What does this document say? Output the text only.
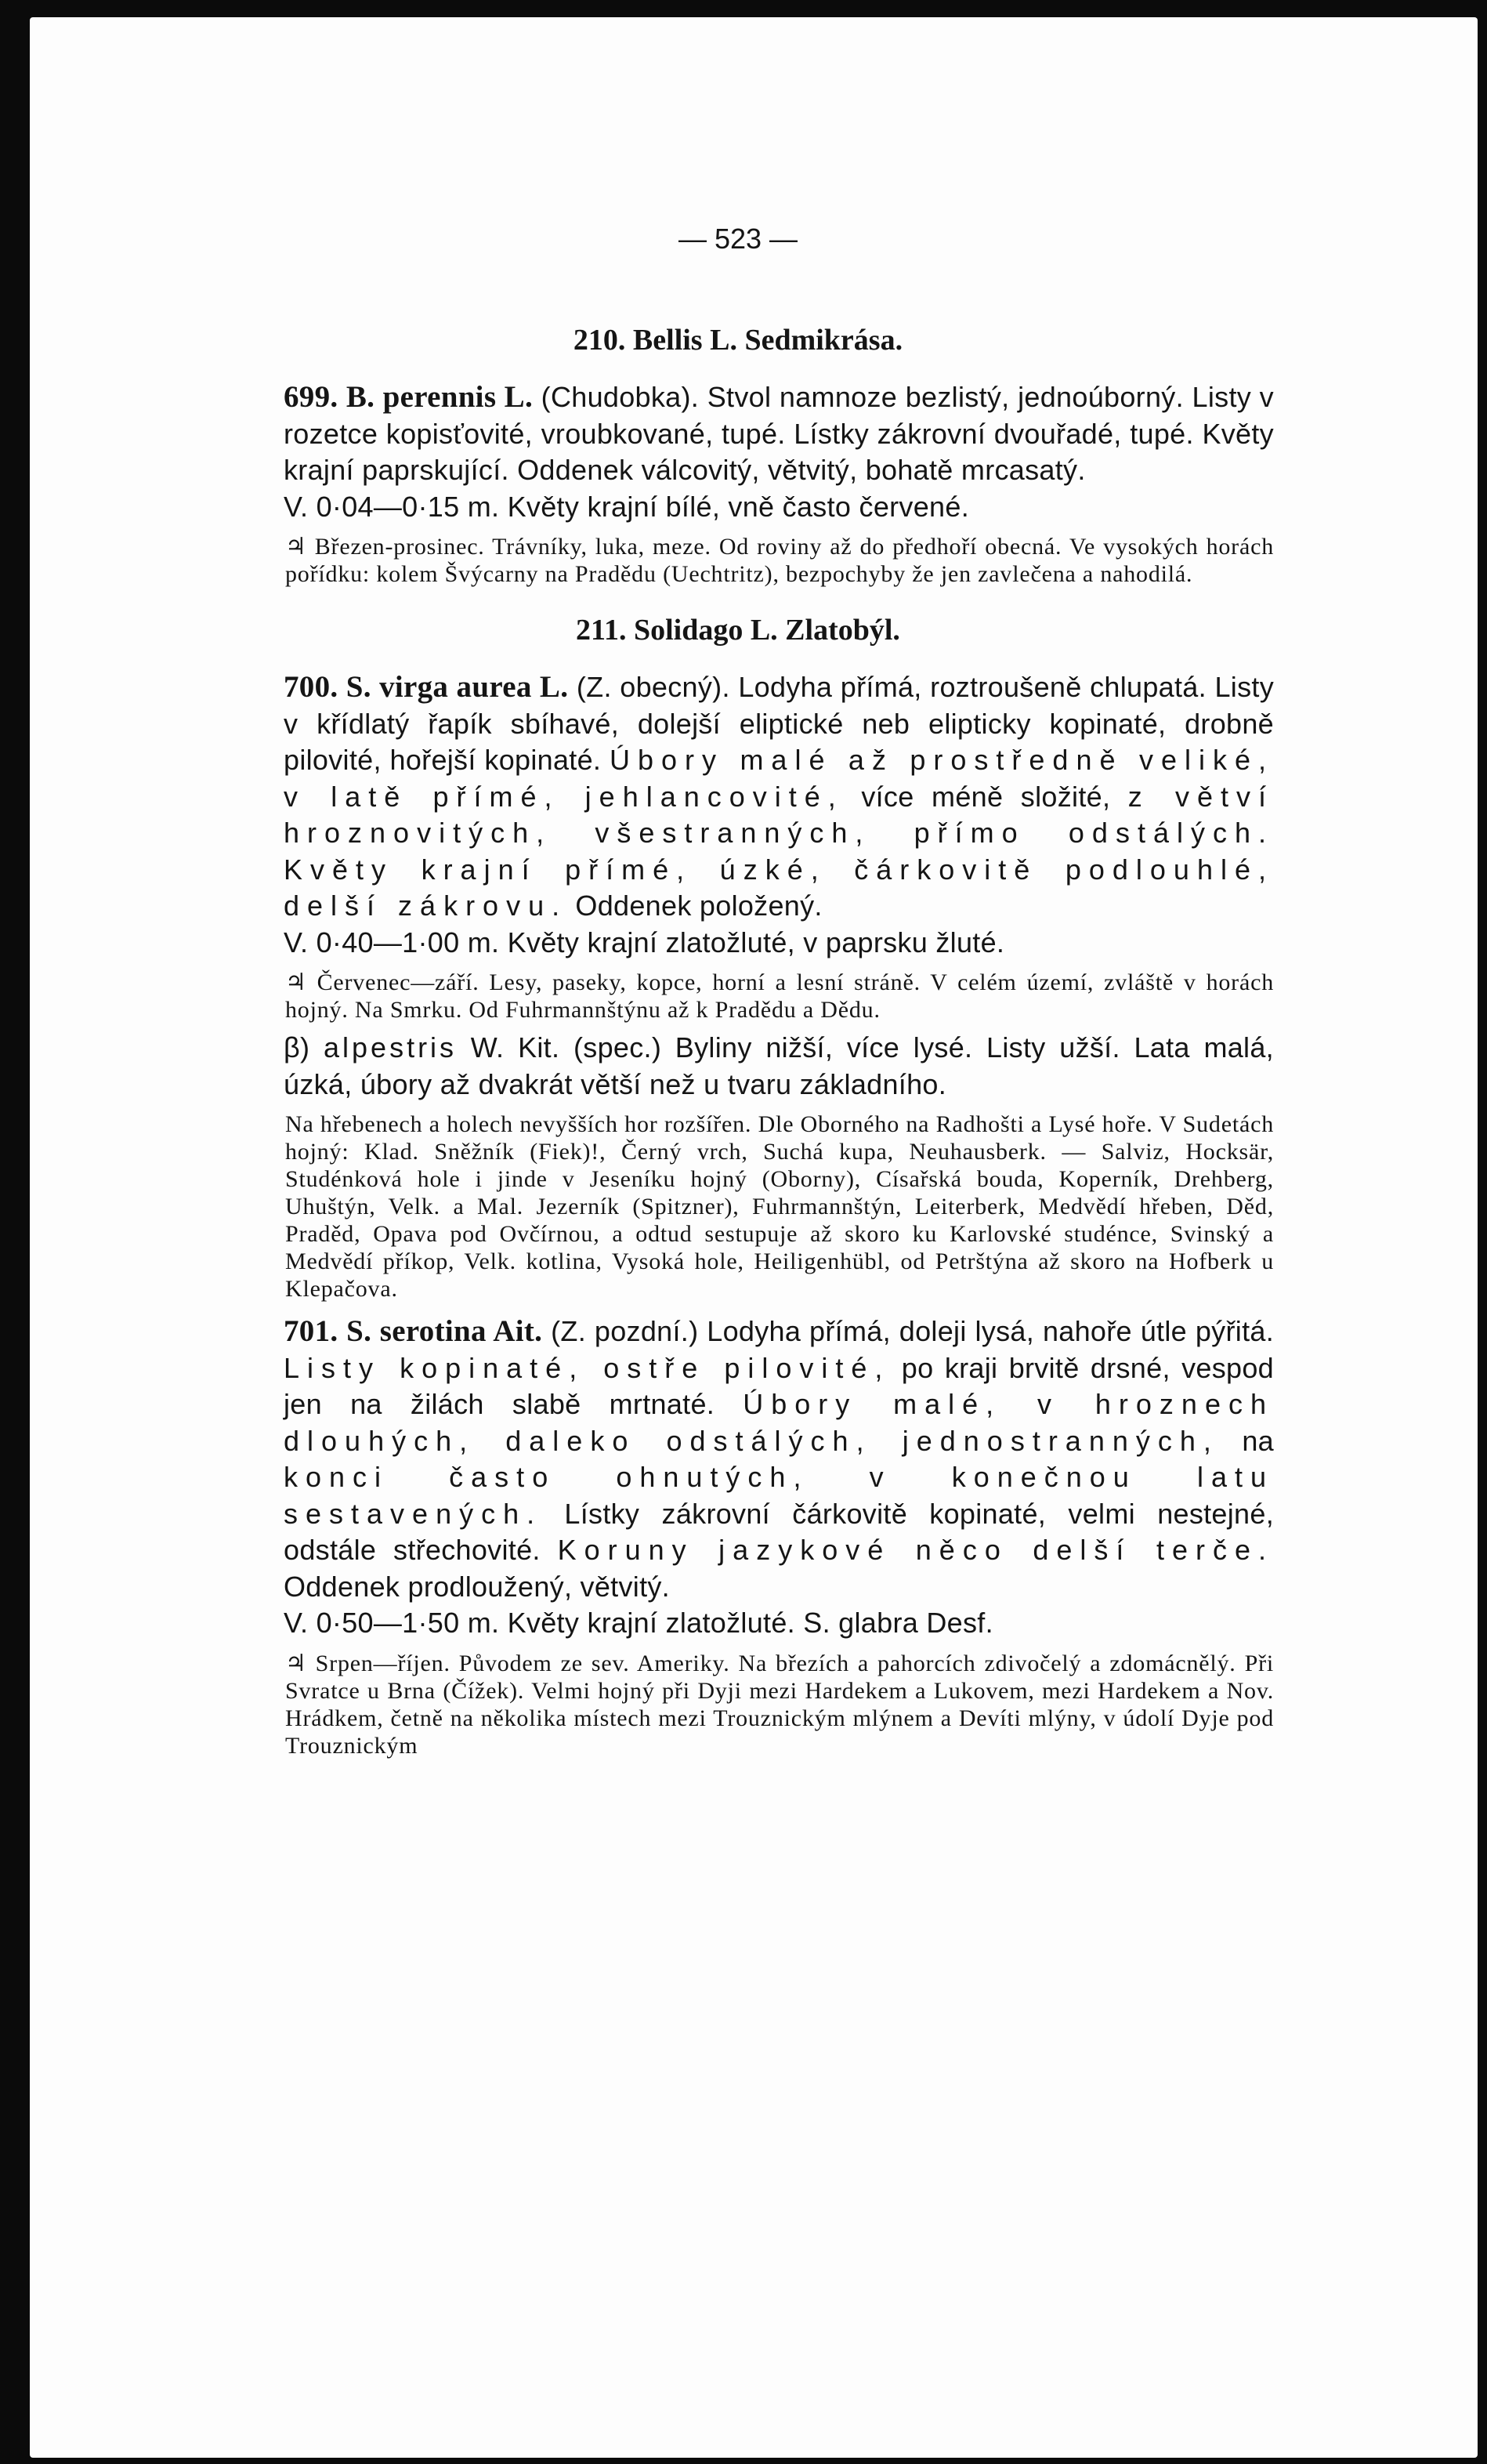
— 523 —
210. Bellis L. Sedmikrása.

699. B. perennis L. (Chudobka). Stvol namnoze bezlistý, jednoúborný. Listy v rozetce kopisťovité, vroubkované, tupé. Lístky zákrovní dvouřadé, tupé. Květy krajní paprskující. Oddenek válcovitý, větvitý, bohatě mrcasatý.

V. 0·04—0·15 m. Květy krajní bílé, vně často červené.

♃ Březen-prosinec. Trávníky, luka, meze. Od roviny až do předhoří obecná. Ve vysokých horách pořídku: kolem Švýcarny na Pradědu (Uechtritz), bezpochyby že jen zavlečena a nahodilá.

211. Solidago L. Zlatobýl.

700. S. virga aurea L. (Z. obecný). Lodyha přímá, roztroušeně chlupatá. Listy v křídlatý řapík sbíhavé, dolejší eliptické neb elipticky kopinaté, drobně pilovité, hořejší kopinaté. Úbory malé až prostředně veliké, v latě přímé, jehlancovité, více méně složité, z větví hroznovitých, všestranných, přímo odstálých. Květy krajní přímé, úzké, čárkovitě podlouhlé, delší zákrovu. Oddenek položený.

V. 0·40—1·00 m. Květy krajní zlatožluté, v paprsku žluté.

♃ Červenec—září. Lesy, paseky, kopce, horní a lesní stráně. V celém území, zvláště v horách hojný. Na Smrku. Od Fuhrmannštýnu až k Pradědu a Dědu.

β) alpestris W. Kit. (spec.) Byliny nižší, více lysé. Listy užší. Lata malá, úzká, úbory až dvakrát větší než u tvaru základního.

Na hřebenech a holech nevyšších hor rozšířen. Dle Oborného na Radhošti a Lysé hoře. V Sudetách hojný: Klad. Sněžník (Fiek)!, Černý vrch, Suchá kupa, Neuhausberk. — Salviz, Hocksär, Studénková hole i jinde v Jeseníku hojný (Oborny), Císařská bouda, Koperník, Drehberg, Uhuštýn, Velk. a Mal. Jezerník (Spitzner), Fuhrmannštýn, Leiterberk, Medvědí hřeben, Děd, Praděd, Opava pod Ovčírnou, a odtud sestupuje až skoro ku Karlovské studénce, Svinský a Medvědí příkop, Velk. kotlina, Vysoká hole, Heiligenhübl, od Petrštýna až skoro na Hofberk u Klepačova.

701. S. serotina Ait. (Z. pozdní.) Lodyha přímá, doleji lysá, nahoře útle pýřitá. Listy kopinaté, ostře pilovité, po kraji brvitě drsné, vespod jen na žilách slabě mrtnaté. Úbory malé, v hroznech dlouhých, daleko odstálých, jednostranných, na konci často ohnutých, v konečnou latu sestavených. Lístky zákrovní čárkovitě kopinaté, velmi nestejné, odstále střechovité. Koruny jazykové něco delší terče. Oddenek prodloužený, větvitý.

V. 0·50—1·50 m. Květy krajní zlatožluté. S. glabra Desf.

♃ Srpen—říjen. Původem ze sev. Ameriky. Na březích a pahorcích zdivočelý a zdomácnělý. Při Svratce u Brna (Čížek). Velmi hojný při Dyji mezi Hardekem a Lukovem, mezi Hardekem a Nov. Hrádkem, četně na několika místech mezi Trouznickým mlýnem a Devíti mlýny, v údolí Dyje pod Trouznickým
